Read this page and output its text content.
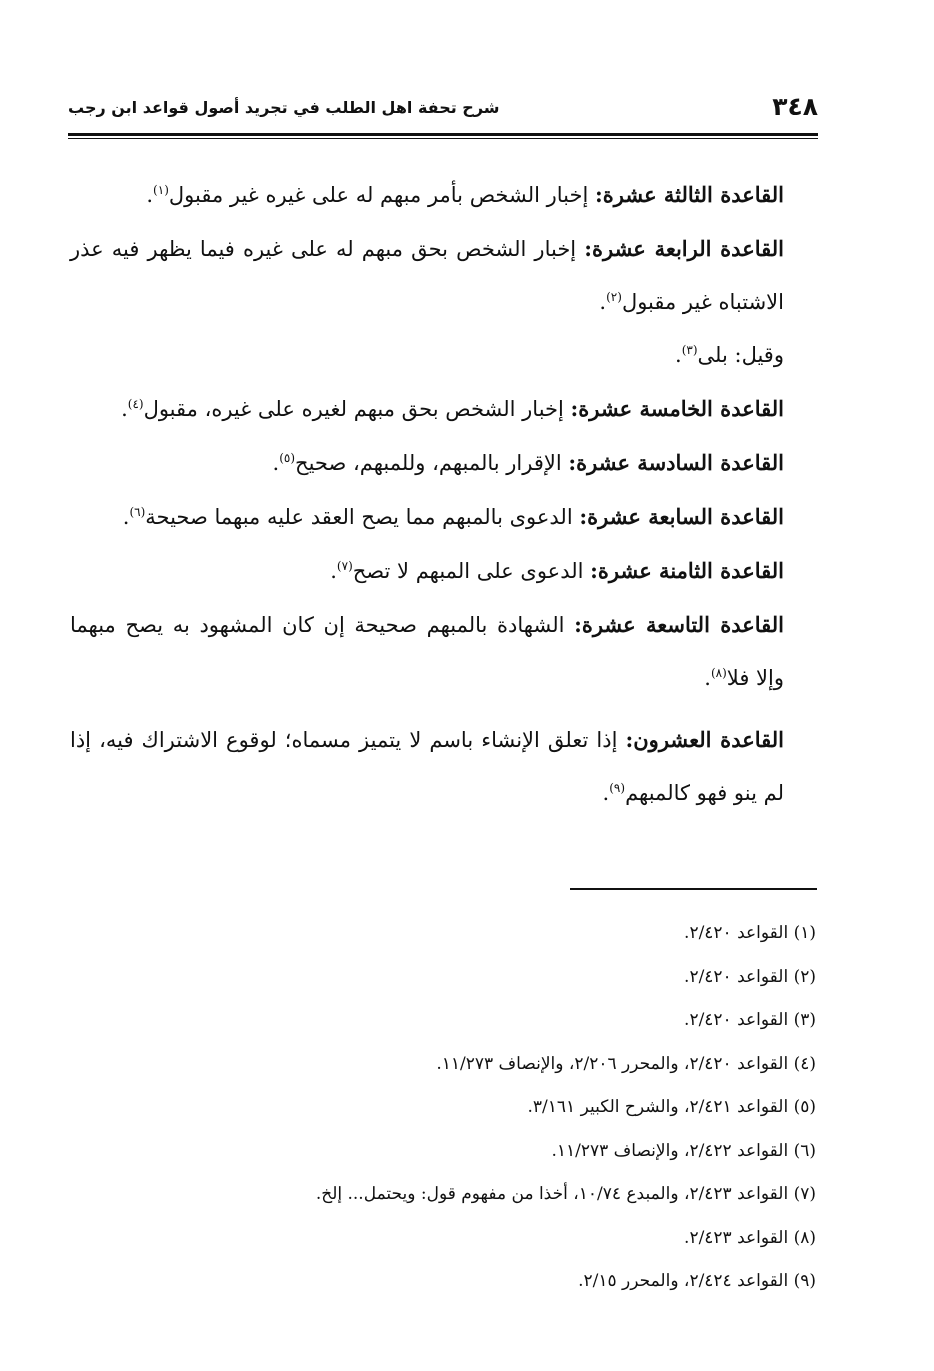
٣٤٨
شرح تحفة اهل الطلب في تجريد أصول قواعد ابن رجب

القاعدة الثالثة عشرة: إخبار الشخص بأمر مبهم له على غيره غير مقبول$^{(١)}$.

القاعدة الرابعة عشرة: إخبار الشخص بحق مبهم له على غيره فيما يظهر فيه عذر الاشتباه غير مقبول$^{(٢)}$.

وقيل: بلى$^{(٣)}$.

القاعدة الخامسة عشرة: إخبار الشخص بحق مبهم لغيره على غيره، مقبول$^{(٤)}$.

القاعدة السادسة عشرة: الإقرار بالمبهم، وللمبهم، صحيح$^{(٥)}$.

القاعدة السابعة عشرة: الدعوى بالمبهم مما يصح العقد عليه مبهما صحيحة$^{(٦)}$.

القاعدة الثامنة عشرة: الدعوى على المبهم لا تصح$^{(٧)}$.

القاعدة التاسعة عشرة: الشهادة بالمبهم صحيحة إن كان المشهود به يصح مبهما وإلا فلا$^{(٨)}$.

القاعدة العشرون: إذا تعلق الإنشاء باسم لا يتميز مسماه؛ لوقوع الاشتراك فيه، إذا لم ينو فهو كالمبهم$^{(٩)}$.

(١) القواعد ٢/٤٢٠.
(٢) القواعد ٢/٤٢٠.
(٣) القواعد ٢/٤٢٠.
(٤) القواعد ٢/٤٢٠، والمحرر ٢/٢٠٦، والإنصاف ١١/٢٧٣.
(٥) القواعد ٢/٤٢١، والشرح الكبير ٣/١٦١.
(٦) القواعد ٢/٤٢٢، والإنصاف ١١/٢٧٣.
(٧) القواعد ٢/٤٢٣، والمبدع ١٠/٧٤، أخذا من مفهوم قول: ويحتمل... إلخ.
(٨) القواعد ٢/٤٢٣.
(٩) القواعد ٢/٤٢٤، والمحرر ٢/١٥.
